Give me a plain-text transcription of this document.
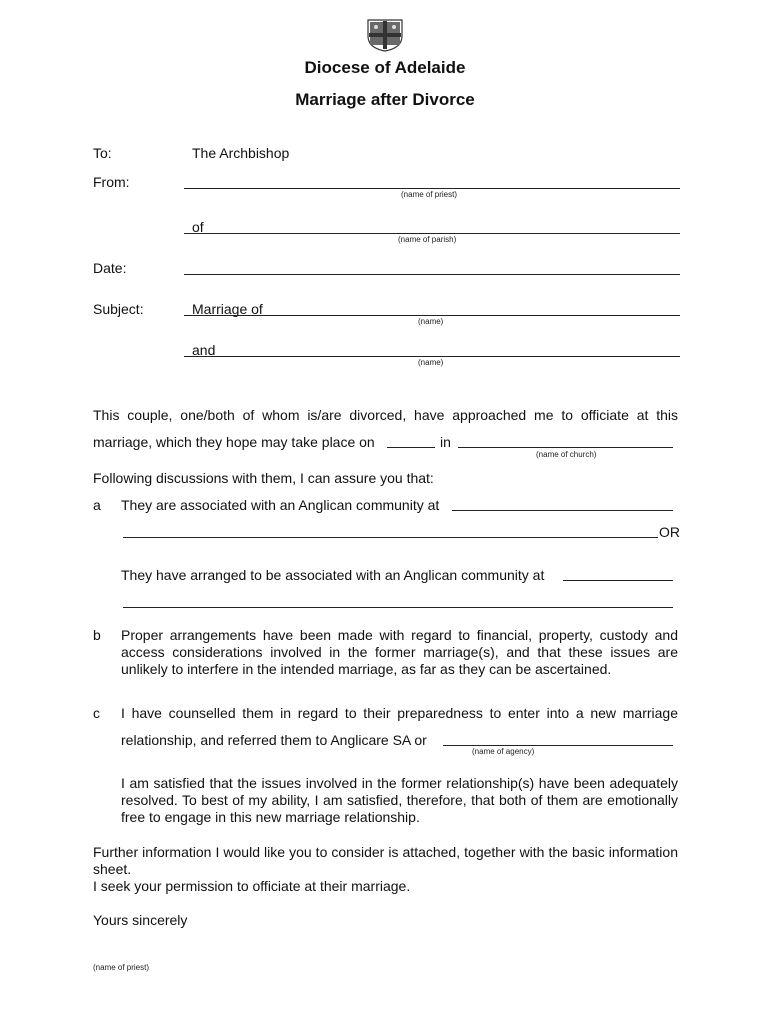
Diocese of Adelaide
Marriage after Divorce
To:	The Archbishop
From:
(name of priest)
of
(name of parish)
Date:
Subject:	Marriage of
(name)
and
(name)
This couple, one/both of whom is/are divorced, have approached me to officiate at this
marriage, which they hope may take place on	in
(name of church)
Following discussions with them, I can assure you that:
a They are associated with an Anglican community at
OR
They have arranged to be associated with an Anglican community at
b Proper arrangements have been made with regard to financial, property, custody and access considerations involved in the former marriage(s), and that these issues are unlikely to interfere in the intended marriage, as far as they can be ascertained.
c I have counselled them in regard to their preparedness to enter into a new marriage
relationship, and referred them to Anglicare SA or
(name of agency)
I am satisfied that the issues involved in the former relationship(s) have been adequately resolved. To best of my ability, I am satisfied, therefore, that both of them are emotionally free to engage in this new marriage relationship.
Further information I would like you to consider is attached, together with the basic information sheet.
I seek your permission to officiate at their marriage.
Yours sincerely
(name of priest)
